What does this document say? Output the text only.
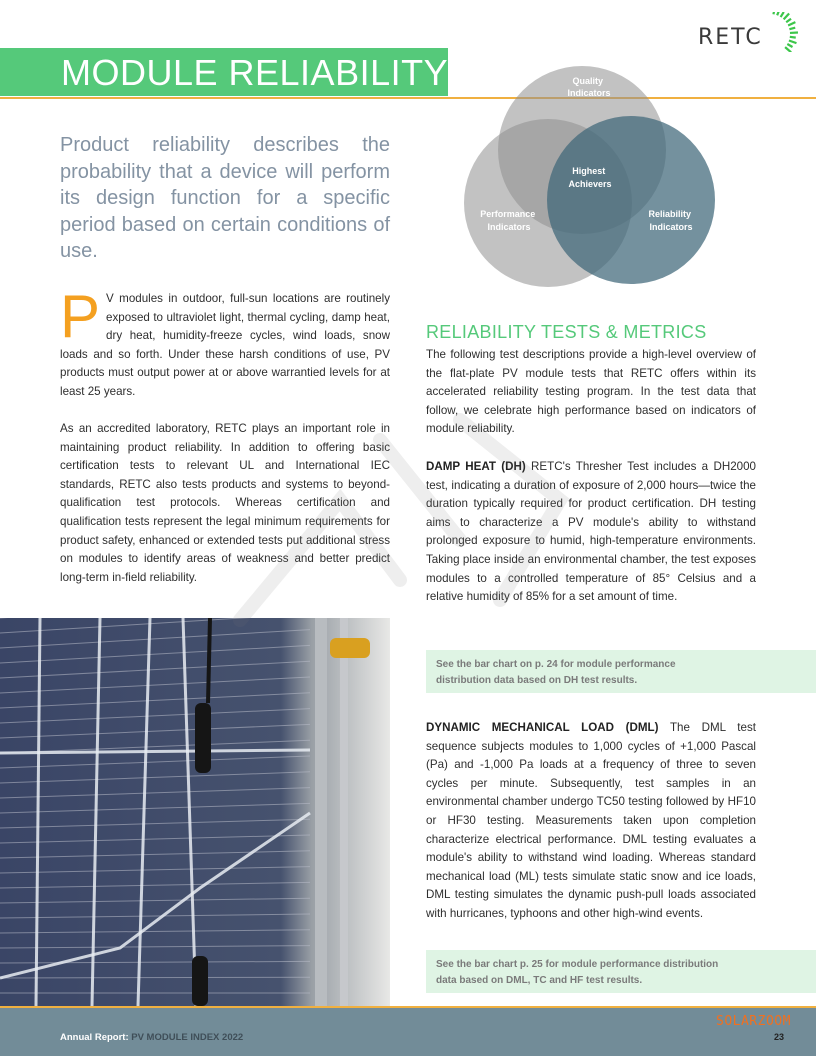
RETC
MODULE RELIABILITY	Quality Indicators
Performance Indicators
Reliability Indicators
Highest Achievers
Product reliability describes the probability that a device will perform its design function for a specific period based on certain conditions of use.
P V modules in outdoor, full-sun locations are routinely exposed to ultraviolet light, thermal cycling, damp heat, dry heat, humidity-freeze cycles, wind loads, snow loads and so forth. Under these harsh conditions of use, PV products must output power at or above warrantied levels for at least 25 years.
As an accredited laboratory, RETC plays an important role in maintaining product reliability. In addition to offering basic certification tests to relevant UL and International IEC standards, RETC also tests products and systems to beyond-qualification test protocols. Whereas certification and qualification tests represent the legal minimum requirements for product safety, enhanced or extended tests put additional stress on modules to identify areas of weakness and better predict long-term in-field reliability.
RELIABILITY TESTS & METRICS
The following test descriptions provide a high-level overview of the flat-plate PV module tests that RETC offers within its accelerated reliability testing program. In the test data that follow, we celebrate high performance based on indicators of module reliability.
DAMP HEAT (DH) RETC's Thresher Test includes a DH2000 test, indicating a duration of exposure of 2,000 hours—twice the duration typically required for product certification. DH testing aims to characterize a PV module's ability to withstand prolonged exposure to humid, high-temperature environments. Taking place inside an environmental chamber, the test exposes modules to a controlled temperature of 85° Celsius and a relative humidity of 85% for a set amount of time.
See the bar chart on p. 24 for module performance
distribution data based on DH test results.
DYNAMIC MECHANICAL LOAD (DML) The DML test sequence subjects modules to 1,000 cycles of +1,000 Pascal (Pa) and -1,000 Pa loads at a frequency of three to seven cycles per minute. Subsequently, test samples in an environmental chamber undergo TC50 testing followed by HF10 or HF30 testing. Measurements taken upon completion characterize electrical performance. DML testing evaluates a module's ability to withstand wind loading. Whereas standard mechanical load (ML) tests simulate static snow and ice loads, DML testing simulates the dynamic push-pull loads associated with hurricanes, typhoons and other high-wind events.
See the bar chart p. 25 for module performance distribution
data based on DML, TC and HF test results.
Annual Report: PV MODULE INDEX 2022
SOLARZOOM
23
